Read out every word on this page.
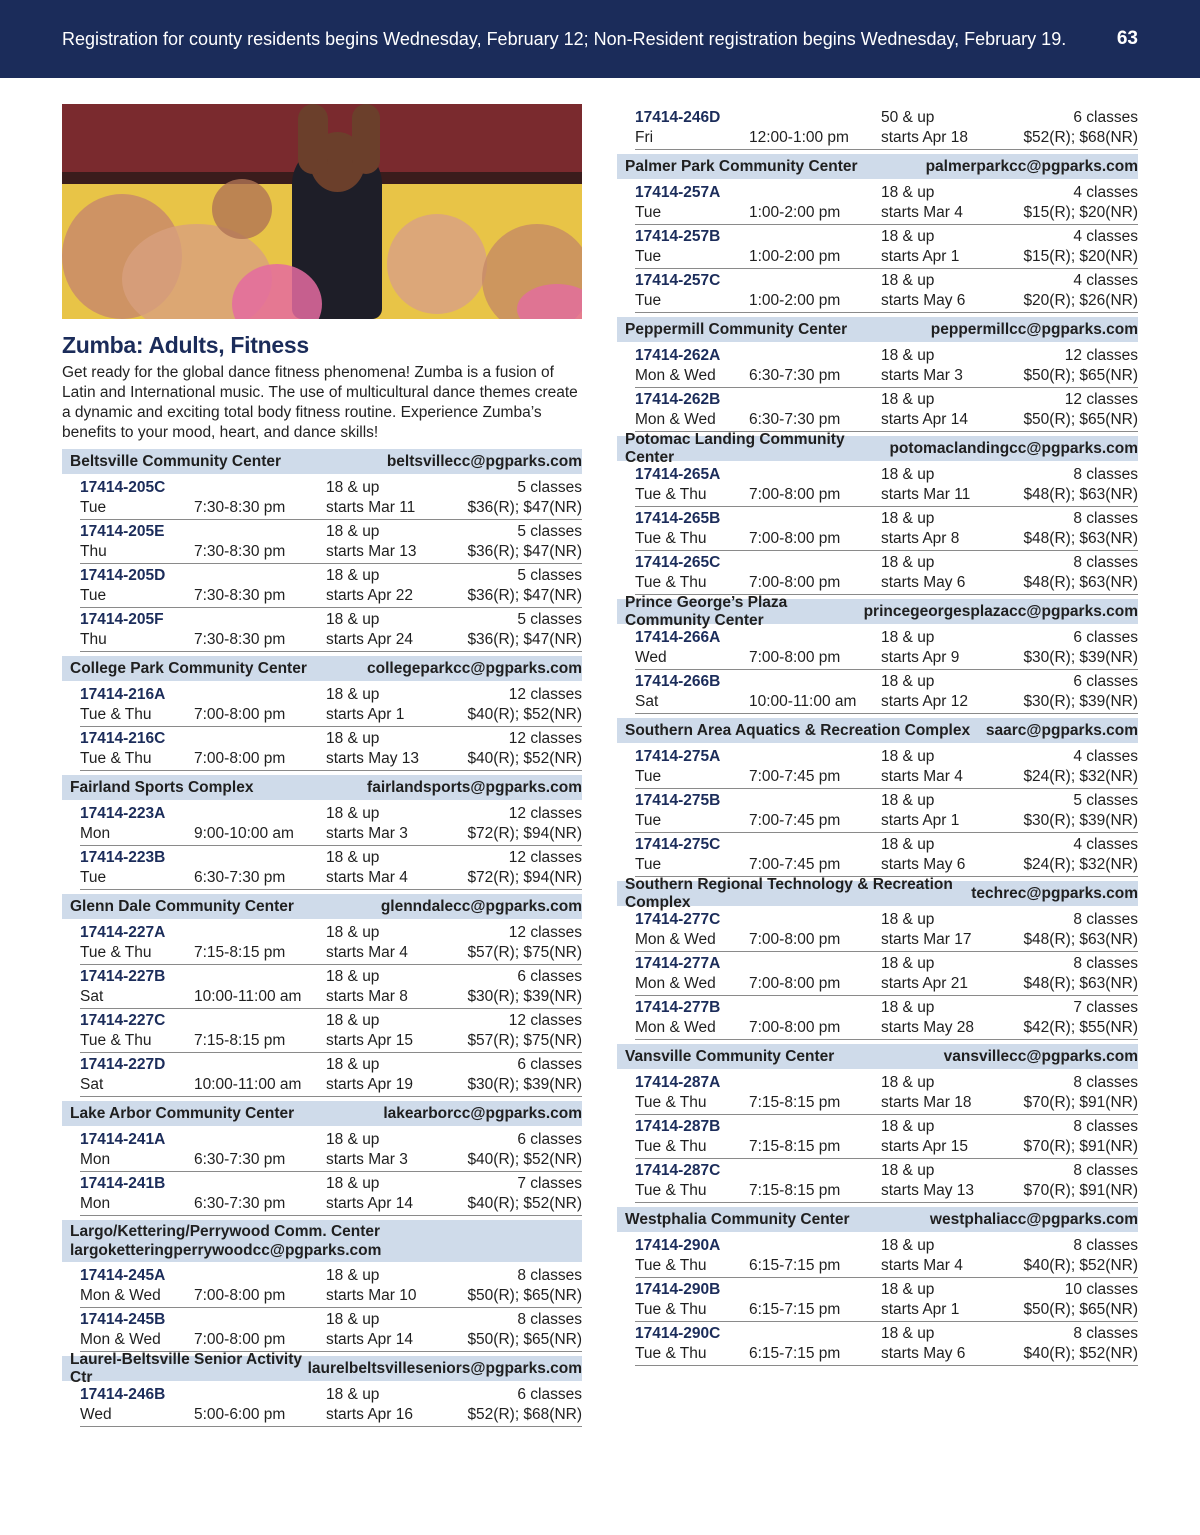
Registration for county residents begins Wednesday, February 12; Non-Resident registration begins Wednesday, February 19.	63
Zumba: Adults, Fitness
Get ready for the global dance fitness phenomena! Zumba is a fusion of Latin and International music. The use of multicultural dance themes create a dynamic and exciting total body fitness routine. Experience Zumba’s benefits to your mood, heart, and dance skills!
Beltsville Community Center	beltsvillecc@pgparks.com
17414-205C	18 & up	5 classes
Tue	7:30-8:30 pm	starts Mar 11	$36(R); $47(NR)
17414-205E	18 & up	5 classes
Thu	7:30-8:30 pm	starts Mar 13	$36(R); $47(NR)
17414-205D	18 & up	5 classes
Tue	7:30-8:30 pm	starts Apr 22	$36(R); $47(NR)
17414-205F	18 & up	5 classes
Thu	7:30-8:30 pm	starts Apr 24	$36(R); $47(NR)
College Park Community Center	collegeparkcc@pgparks.com
17414-216A	18 & up	12 classes
Tue & Thu	7:00-8:00 pm	starts Apr 1	$40(R); $52(NR)
17414-216C	18 & up	12 classes
Tue & Thu	7:00-8:00 pm	starts May 13	$40(R); $52(NR)
Fairland Sports Complex	fairlandsports@pgparks.com
17414-223A	18 & up	12 classes
Mon	9:00-10:00 am	starts Mar 3	$72(R); $94(NR)
17414-223B	18 & up	12 classes
Tue	6:30-7:30 pm	starts Mar 4	$72(R); $94(NR)
Glenn Dale Community Center	glenndalecc@pgparks.com
17414-227A	18 & up	12 classes
Tue & Thu	7:15-8:15 pm	starts Mar 4	$57(R); $75(NR)
17414-227B	18 & up	6 classes
Sat	10:00-11:00 am	starts Mar 8	$30(R); $39(NR)
17414-227C	18 & up	12 classes
Tue & Thu	7:15-8:15 pm	starts Apr 15	$57(R); $75(NR)
17414-227D	18 & up	6 classes
Sat	10:00-11:00 am	starts Apr 19	$30(R); $39(NR)
Lake Arbor Community Center	lakearborcc@pgparks.com
17414-241A	18 & up	6 classes
Mon	6:30-7:30 pm	starts Mar 3	$40(R); $52(NR)
17414-241B	18 & up	7 classes
Mon	6:30-7:30 pm	starts Apr 14	$40(R); $52(NR)
Largo/Kettering/Perrywood Comm. Center
largoketteringperrywoodcc@pgparks.com
17414-245A	18 & up	8 classes
Mon & Wed	7:00-8:00 pm	starts Mar 10	$50(R); $65(NR)
17414-245B	18 & up	8 classes
Mon & Wed	7:00-8:00 pm	starts Apr 14	$50(R); $65(NR)
Laurel-Beltsville Senior Activity Ctr
laurelbeltsvilleseniors@pgparks.com
17414-246B	18 & up	6 classes
Wed	5:00-6:00 pm	starts Apr 16	$52(R); $68(NR)
17414-246D	50 & up	6 classes
Fri	12:00-1:00 pm	starts Apr 18	$52(R); $68(NR)
Palmer Park Community Center	palmerparkcc@pgparks.com
17414-257A	18 & up	4 classes
Tue	1:00-2:00 pm	starts Mar 4	$15(R); $20(NR)
17414-257B	18 & up	4 classes
Tue	1:00-2:00 pm	starts Apr 1	$15(R); $20(NR)
17414-257C	18 & up	4 classes
Tue	1:00-2:00 pm	starts May 6	$20(R); $26(NR)
Peppermill Community Center	peppermillcc@pgparks.com
17414-262A	18 & up	12 classes
Mon & Wed	6:30-7:30 pm	starts Mar 3	$50(R); $65(NR)
17414-262B	18 & up	12 classes
Mon & Wed	6:30-7:30 pm	starts Apr 14	$50(R); $65(NR)
Potomac Landing Community Center
potomaclandingcc@pgparks.com
17414-265A	18 & up	8 classes
Tue & Thu	7:00-8:00 pm	starts Mar 11	$48(R); $63(NR)
17414-265B	18 & up	8 classes
Tue & Thu	7:00-8:00 pm	starts Apr 8	$48(R); $63(NR)
17414-265C	18 & up	8 classes
Tue & Thu	7:00-8:00 pm	starts May 6	$48(R); $63(NR)
Prince George’s Plaza Community Center
princegeorgesplazacc@pgparks.com
17414-266A	18 & up	6 classes
Wed	7:00-8:00 pm	starts Apr 9	$30(R); $39(NR)
17414-266B	18 & up	6 classes
Sat	10:00-11:00 am	starts Apr 12	$30(R); $39(NR)
Southern Area Aquatics & Recreation Complex saarc@pgparks.com
17414-275A	18 & up	4 classes
Tue	7:00-7:45 pm	starts Mar 4	$24(R); $32(NR)
17414-275B	18 & up	5 classes
Tue	7:00-7:45 pm	starts Apr 1	$30(R); $39(NR)
17414-275C	18 & up	4 classes
Tue	7:00-7:45 pm	starts May 6	$24(R); $32(NR)
Southern Regional Technology & Recreation Complex
techrec@pgparks.com
17414-277C	18 & up	8 classes
Mon & Wed	7:00-8:00 pm	starts Mar 17	$48(R); $63(NR)
17414-277A	18 & up	8 classes
Mon & Wed	7:00-8:00 pm	starts Apr 21	$48(R); $63(NR)
17414-277B	18 & up	7 classes
Mon & Wed	7:00-8:00 pm	starts May 28	$42(R); $55(NR)
Vansville Community Center	vansvillecc@pgparks.com
17414-287A	18 & up	8 classes
Tue & Thu	7:15-8:15 pm	starts Mar 18	$70(R); $91(NR)
17414-287B	18 & up	8 classes
Tue & Thu	7:15-8:15 pm	starts Apr 15	$70(R); $91(NR)
17414-287C	18 & up	8 classes
Tue & Thu	7:15-8:15 pm	starts May 13	$70(R); $91(NR)
Westphalia Community Center	westphaliacc@pgparks.com
17414-290A	18 & up	8 classes
Tue & Thu	6:15-7:15 pm	starts Mar 4	$40(R); $52(NR)
17414-290B	18 & up	10 classes
Tue & Thu	6:15-7:15 pm	starts Apr 1	$50(R); $65(NR)
17414-290C	18 & up	8 classes
Tue & Thu	6:15-7:15 pm	starts May 6	$40(R); $52(NR)
